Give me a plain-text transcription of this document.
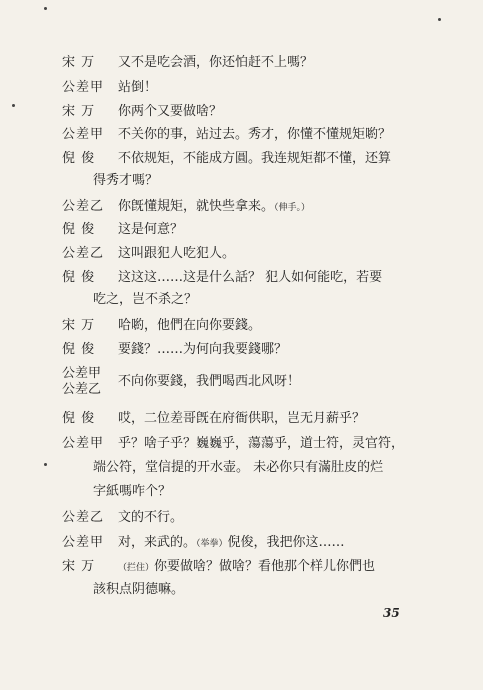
宋 万 又不是吃会酒，你还怕赶不上嗎？
公差甲 站倒！
宋 万 你两个又要做啥？
公差甲 不关你的事，站过去。秀才，你懂不懂规矩喲？
倪 俊 不依规矩，不能成方圓。我连规矩都不懂，还算
得秀才嗎？
公差乙 你旣懂規矩，就快些拿来。（伸手。）
倪 俊 这是何意？
公差乙 这叫跟犯人吃犯人。
倪 俊 这这这……这是什么話？ 犯人如何能吃，若要
吃之，岂不杀之？
宋 万 哈喲，他們在向你要錢。
倪 俊 要錢？……为何向我要錢哪？
公差甲
公差乙
不向你要錢，我們喝西北风呀！
倪 俊 哎，二位差哥旣在府衙供职，岂无月薪乎？
公差甲 乎？啥子乎？巍巍乎，蕩蕩乎，道士符，灵官符，
端公符，堂信提的开水壶。 未必你只有滿肚皮的烂
字紙嗎咋个？
公差乙 文的不行。
公差甲 对，来武的。（举拳）倪俊，我把你这……
宋 万	（拦住）你要做啥？做啥？看他那个样儿你們也
該积点阴德嘛。
35
